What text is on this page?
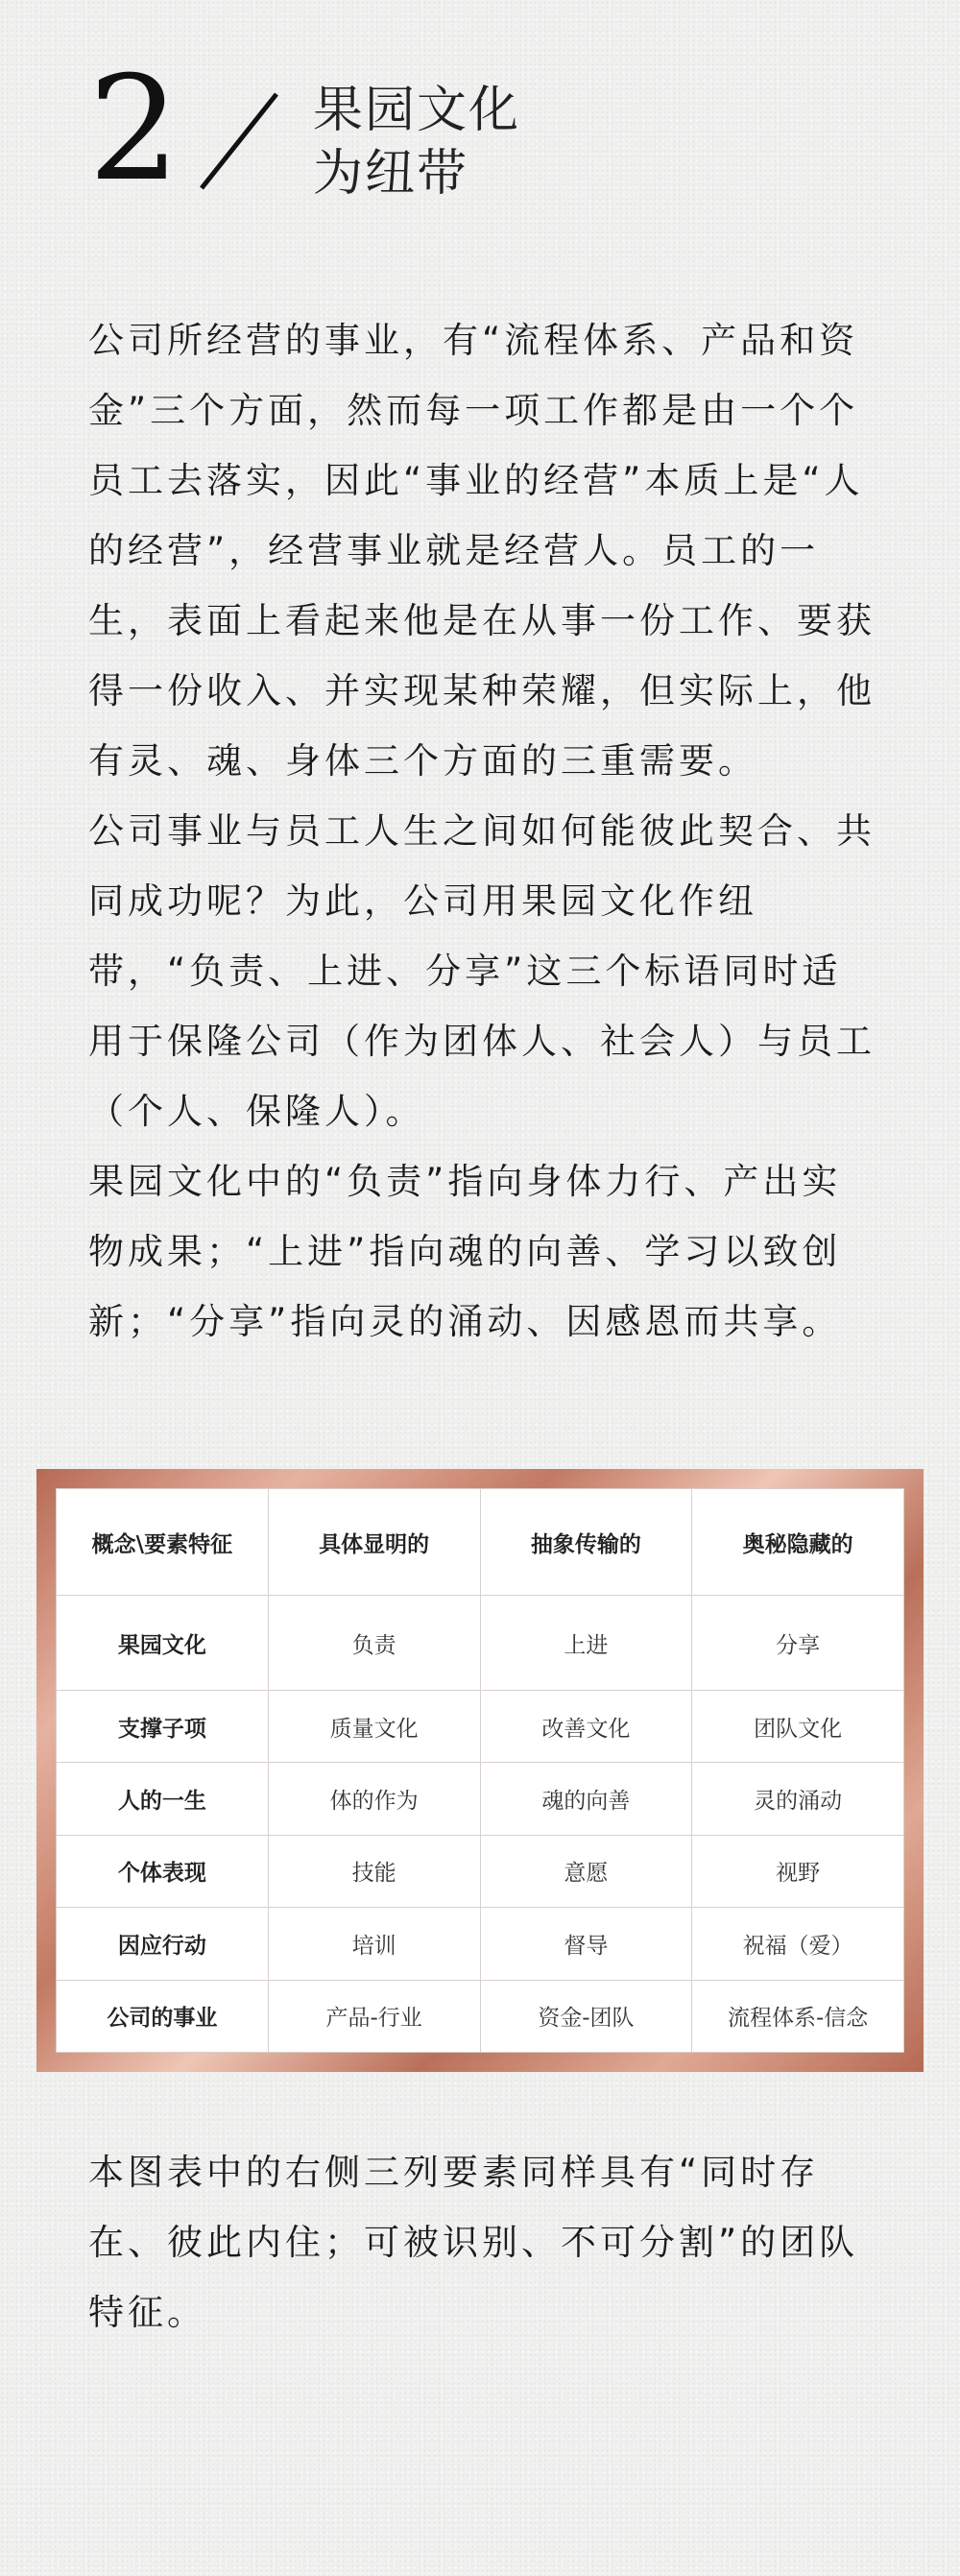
2	果园文化
为纽带

公司所经营的事业，有“流程体系、产品和资金”三个方面，然而每一项工作都是由一个个员工去落实，因此“事业的经营”本质上是“人的经营”，经营事业就是经营人。员工的一生，表面上看起来他是在从事一份工作、要获得一份收入、并实现某种荣耀，但实际上，他有灵、魂、身体三个方面的三重需要。

公司事业与员工人生之间如何能彼此契合、共同成功呢？为此，公司用果园文化作纽带，“负责、上进、分享”这三个标语同时适用于保隆公司（作为团体人、社会人）与员工（个人、保隆人）。

果园文化中的“负责”指向身体力行、产出实物成果；“上进”指向魂的向善、学习以致创新；“分享”指向灵的涌动、因感恩而共享。

概念\要素特征	具体显明的	抽象传输的	奥秘隐藏的
果园文化	负责	上进	分享
支撑子项	质量文化	改善文化	团队文化
人的一生	体的作为	魂的向善	灵的涌动
个体表现	技能	意愿	视野
因应行动	培训	督导	祝福（爱）
公司的事业	产品-行业	资金-团队	流程体系-信念

本图表中的右侧三列要素同样具有“同时存在、彼此内住；可被识别、不可分割”的团队特征。
